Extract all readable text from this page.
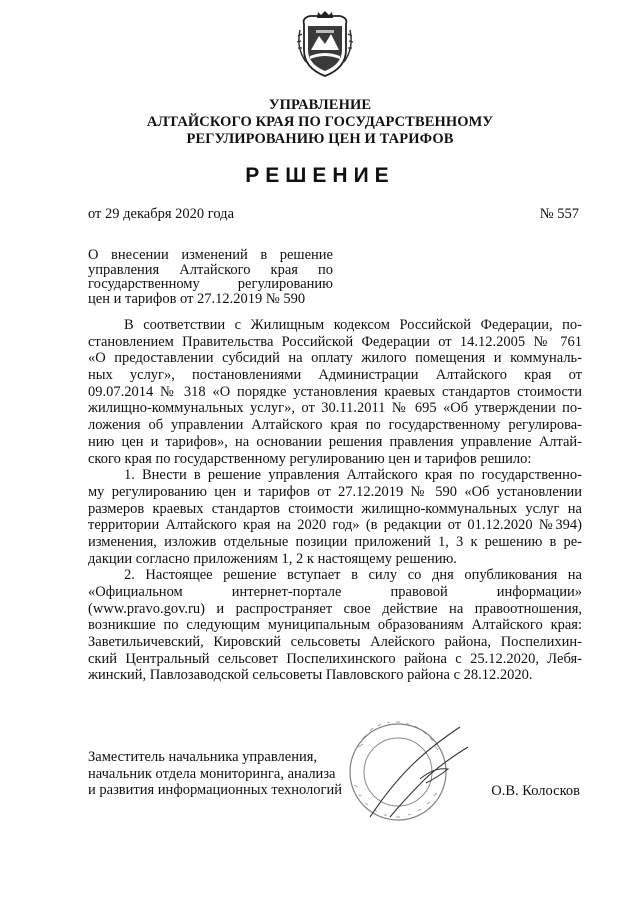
УПРАВЛЕНИЕ
АЛТАЙСКОГО КРАЯ ПО ГОСУДАРСТВЕННОМУ
РЕГУЛИРОВАНИЮ ЦЕН И ТАРИФОВ
РЕШЕНИЕ
от 29 декабря 2020 года	№ 557
О внесении изменений в решение
управления Алтайского края по
государственному регулированию
цен и тарифов от 27.12.2019 № 590

В соответствии с Жилищным кодексом Российской Федерации, по-
становлением Правительства Российской Федерации от 14.12.2005 № 761
«О предоставлении субсидий на оплату жилого помещения и коммуналь-
ных услуг», постановлениями Администрации Алтайского края от
09.07.2014 № 318 «О порядке установления краевых стандартов стоимости
жилищно-коммунальных услуг», от 30.11.2011 № 695 «Об утверждении по-
ложения об управлении Алтайского края по государственному регулирова-
нию цен и тарифов», на основании решения правления управление Алтай-
ского края по государственному регулированию цен и тарифов решило:

1. Внести в решение управления Алтайского края по государственно-
му регулированию цен и тарифов от 27.12.2019 № 590 «Об установлении
размеров краевых стандартов стоимости жилищно-коммунальных услуг на
территории Алтайского края на 2020 год» (в редакции от 01.12.2020 №394)
изменения, изложив отдельные позиции приложений 1, 3 к решению в ре-
дакции согласно приложениям 1, 2 к настоящему решению.

2. Настоящее решение вступает в силу со дня опубликования на
«Официальном интернет-портале правовой информации»
(www.pravo.gov.ru) и распространяет свое действие на правоотношения,
возникшие по следующим муниципальным образованиям Алтайского края:
Заветильичевский, Кировский сельсоветы Алейского района, Поспелихин-
ский Центральный сельсовет Поспелихинского района с 25.12.2020, Лебя-
жинский, Павлозаводской сельсоветы Павловского района с 28.12.2020.

Заместитель начальника управления,
начальник отдела мониторинга, анализа
и развития информационных технологий	О.В. Колосков
